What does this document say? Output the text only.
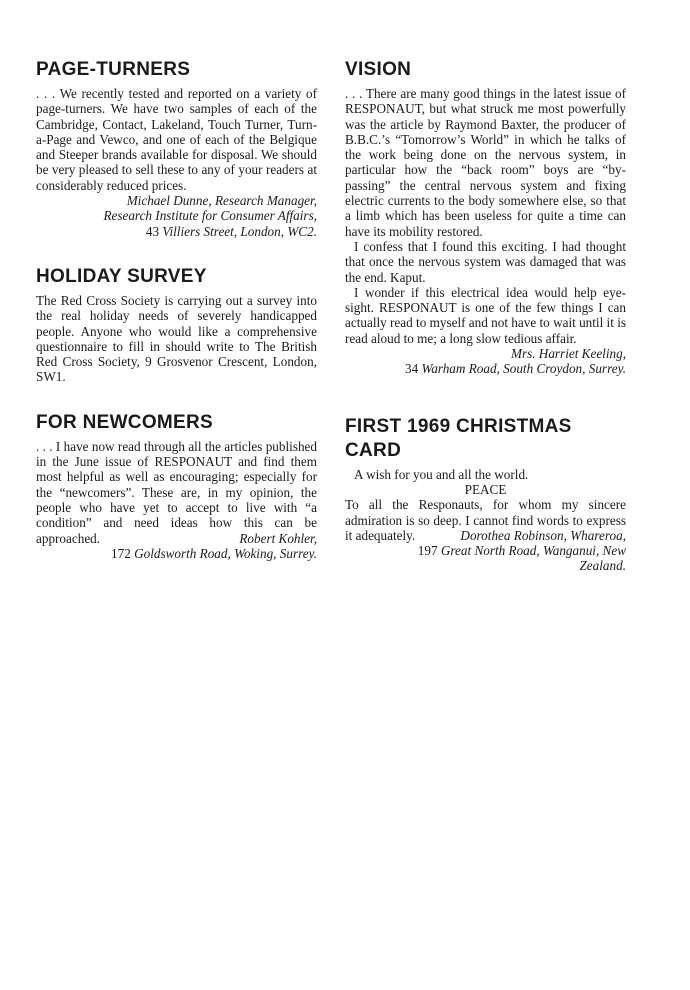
PAGE-TURNERS

. . . We recently tested and reported on a variety of page-turners. We have two samples of each of the Cambridge, Contact, Lakeland, Touch Turner, Turn-a-Page and Vewco, and one of each of the Belgique and Steeper brands available for disposal. We should be very pleased to sell these to any of your readers at considerably reduced prices.

Michael Dunne, Research Manager,
Research Institute for Consumer Affairs,
43 Villiers Street, London, WC2.
HOLIDAY SURVEY

The Red Cross Society is carrying out a survey into the real holiday needs of severely handicapped people. Anyone who would like a comprehensive questionnaire to fill in should write to The British Red Cross Society, 9 Grosvenor Crescent, London, SW1.

FOR NEWCOMERS

. . . I have now read through all the articles published in the June issue of RESPONAUT and find them most helpful as well as encouraging; especially for the “newcomers”. These are, in my opinion, the people who have yet to accept to live with “a condition” and need ideas how this can be approached.	Robert Kohler,
172 Goldsworth Road, Woking, Surrey.
VISION

. . . There are many good things in the latest issue of RESPONAUT, but what struck me most powerfully was the article by Raymond Baxter, the producer of B.B.C.’s “Tomorrow’s World” in which he talks of the work being done on the nervous system, in particular how the “back room” boys are “by-passing” the central nervous system and fixing electric currents to the body somewhere else, so that a limb which has been useless for quite a time can have its mobility restored.

I confess that I found this exciting. I had thought that once the nervous system was damaged that was the end. Kaput.

I wonder if this electrical idea would help eye-sight. RESPONAUT is one of the few things I can actually read to myself and not have to wait until it is read aloud to me; a long slow tedious affair.

Mrs. Harriet Keeling,
34 Warham Road, South Croydon, Surrey.
FIRST 1969 CHRISTMAS CARD

A wish for you and all the world.

PEACE

To all the Responauts, for whom my sincere admiration is so deep. I cannot find words to express it adequately.	Dorothea Robinson, Whareroa,
197 Great North Road, Wanganui, New
Zealand.
